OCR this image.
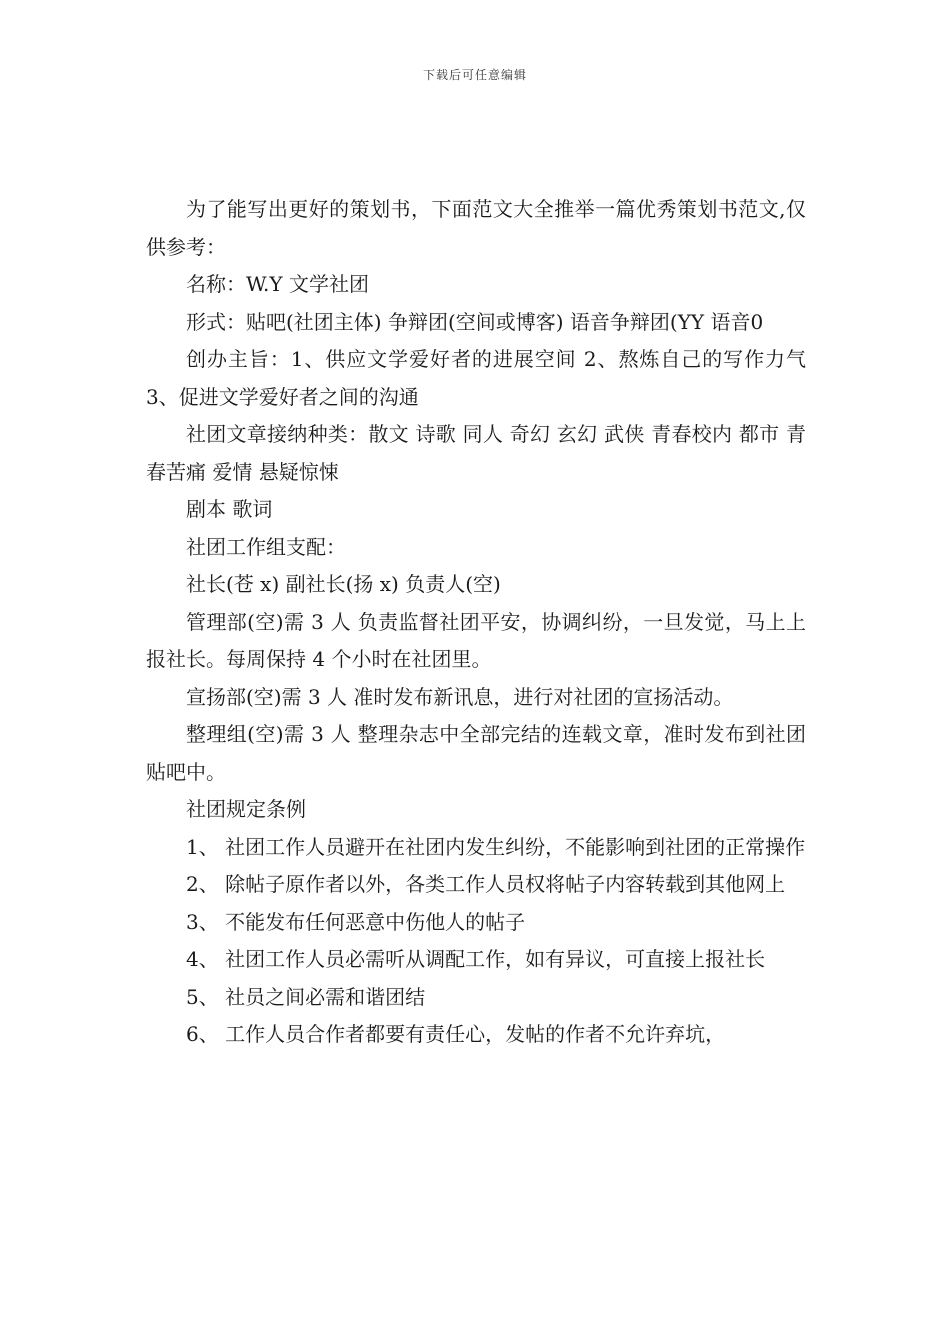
下载后可任意编辑

为了能写出更好的策划书，下面范文大全推举一篇优秀策划书范文,仅供参考：

名称：W.Y 文学社团

形式：贴吧(社团主体) 争辩团(空间或博客) 语音争辩团(YY 语音0

创办主旨：1、供应文学爱好者的进展空间 2、熬炼自己的写作力气 3、促进文学爱好者之间的沟通

社团文章接纳种类：散文 诗歌 同人 奇幻 玄幻 武侠 青春校内 都市 青春苦痛 爱情 悬疑惊悚

剧本 歌词

社团工作组支配：

社长(苍 x) 副社长(扬 x) 负责人(空)

管理部(空)需 3 人 负责监督社团平安，协调纠纷，一旦发觉，马上上报社长。每周保持 4 个小时在社团里。

宣扬部(空)需 3 人 准时发布新讯息，进行对社团的宣扬活动。

整理组(空)需 3 人 整理杂志中全部完结的连载文章，准时发布到社团贴吧中。

社团规定条例

1、 社团工作人员避开在社团内发生纠纷，不能影响到社团的正常操作

2、 除帖子原作者以外，各类工作人员权将帖子内容转载到其他网上

3、 不能发布任何恶意中伤他人的帖子

4、 社团工作人员必需听从调配工作，如有异议，可直接上报社长

5、 社员之间必需和谐团结

6、 工作人员合作者都要有责任心，发帖的作者不允许弃坑，
